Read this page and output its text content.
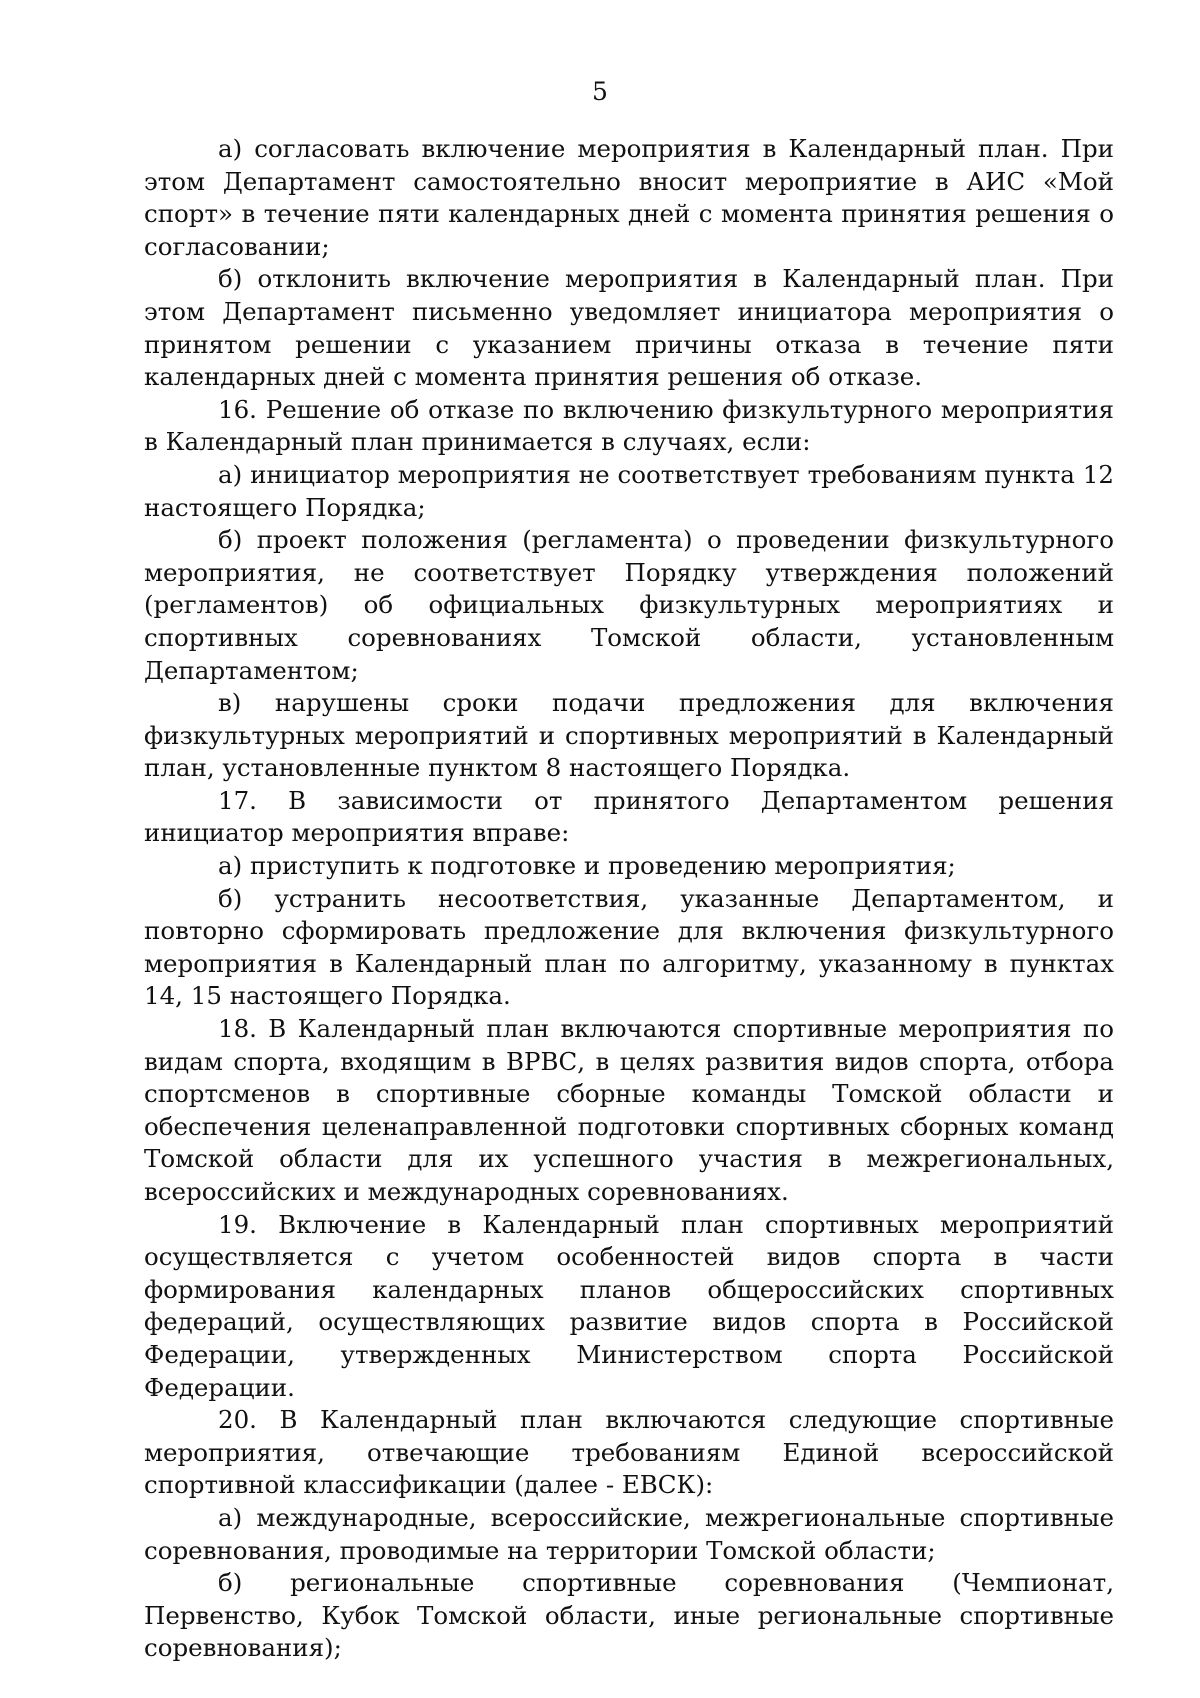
5

а) согласовать включение мероприятия в Календарный план. При этом Департамент самостоятельно вносит мероприятие в АИС «Мой спорт» в течение пяти календарных дней с момента принятия решения о согласовании;

б) отклонить включение мероприятия в Календарный план. При этом Департамент письменно уведомляет инициатора мероприятия о принятом решении с указанием причины отказа в течение пяти календарных дней с момента принятия решения об отказе.

16. Решение об отказе по включению физкультурного мероприятия в Календарный план принимается в случаях, если:

а) инициатор мероприятия не соответствует требованиям пункта 12 настоящего Порядка;

б) проект положения (регламента) о проведении физкультурного мероприятия, не соответствует Порядку утверждения положений (регламентов) об официальных физкультурных мероприятиях и спортивных соревнованиях Томской области, установленным Департаментом;

в) нарушены сроки подачи предложения для включения физкультурных мероприятий и спортивных мероприятий в Календарный план, установленные пунктом 8 настоящего Порядка.

17. В зависимости от принятого Департаментом решения инициатор мероприятия вправе:

а) приступить к подготовке и проведению мероприятия;

б) устранить несоответствия, указанные Департаментом, и повторно сформировать предложение для включения физкультурного мероприятия в Календарный план по алгоритму, указанному в пунктах 14, 15 настоящего Порядка.

18. В Календарный план включаются спортивные мероприятия по видам спорта, входящим в ВРВС, в целях развития видов спорта, отбора спортсменов в спортивные сборные команды Томской области и обеспечения целенаправленной подготовки спортивных сборных команд Томской области для их успешного участия в межрегиональных, всероссийских и международных соревнованиях.

19. Включение в Календарный план спортивных мероприятий осуществляется с учетом особенностей видов спорта в части формирования календарных планов общероссийских спортивных федераций, осуществляющих развитие видов спорта в Российской Федерации, утвержденных Министерством спорта Российской Федерации.

20. В Календарный план включаются следующие спортивные мероприятия, отвечающие требованиям Единой всероссийской спортивной классификации (далее - ЕВСК):

а) международные, всероссийские, межрегиональные спортивные соревнования, проводимые на территории Томской области;

б) региональные спортивные соревнования (Чемпионат, Первенство, Кубок Томской области, иные региональные спортивные соревнования);
